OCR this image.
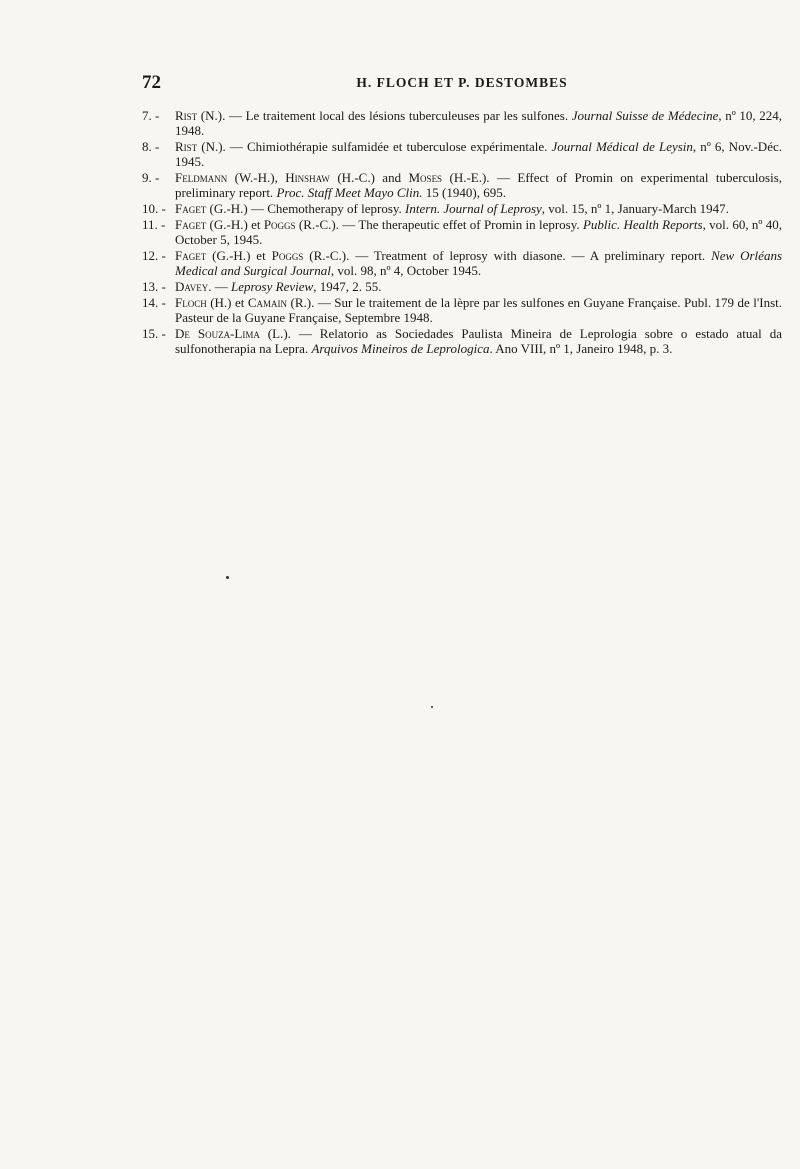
72	H. FLOCH ET P. DESTOMBES
7. -	Rist (N.). — Le traitement local des lésions tuberculeuses par les sulfones. Journal Suisse de Médecine, nº 10, 224, 1948.
8. -	Rist (N.). — Chimiothérapie sulfamidée et tuberculose expérimentale. Journal Médical de Leysin, nº 6, Nov.-Déc. 1945.
9. -	Feldmann (W.-H.), Hinshaw (H.-C.) and Moses (H.-E.). — Effect of Promin on experimental tuberculosis, preliminary report. Proc. Staff Meet Mayo Clin. 15 (1940), 695.
10. - Faget (G.-H.) — Chemotherapy of leprosy. Intern. Journal of Leprosy, vol. 15, nº 1, January-March 1947.
11. - Faget (G.-H.) et Poggs (R.-C.). — The therapeutic effet of Promin in leprosy. Public. Health Reports, vol. 60, nº 40, October 5, 1945.
12. - Faget (G.-H.) et Poggs (R.-C.). — Treatment of leprosy with diasone. — A preliminary report. New Orléans Medical and Surgical Journal, vol. 98, nº 4, October 1945.
13. - Davey. — Leprosy Review, 1947, 2. 55.
14. - Floch (H.) et Camain (R.). — Sur le traitement de la lèpre par les sulfones en Guyane Française. Publ. 179 de l'Inst. Pasteur de la Guyane Française, Septembre 1948.
15. - De Souza-Lima (L.). — Relatorio as Sociedades Paulista Mineira de Leprologia sobre o estado atual da sulfonotherapia na Lepra. Arquivos Mineiros de Leprologica. Ano VIII, nº 1, Janeiro 1948, p. 3.
